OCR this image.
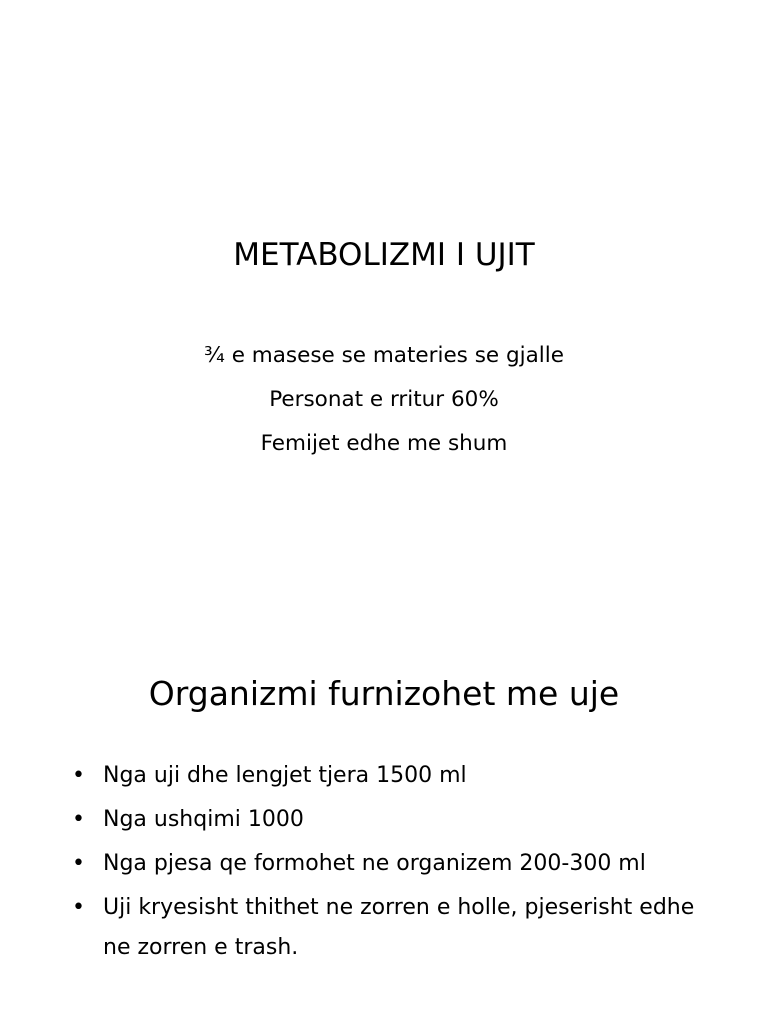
METABOLIZMI I UJIT
¾ e masese se materies se gjalle
Personat e rritur 60%
Femijet edhe me shum
Organizmi furnizohet me uje
• Nga uji dhe lengjet tjera 1500 ml
• Nga ushqimi 1000
• Nga pjesa qe formohet ne organizem 200-300 ml
• Uji kryesisht thithet ne zorren e holle, pjeserisht edhe ne zorren e trash.
